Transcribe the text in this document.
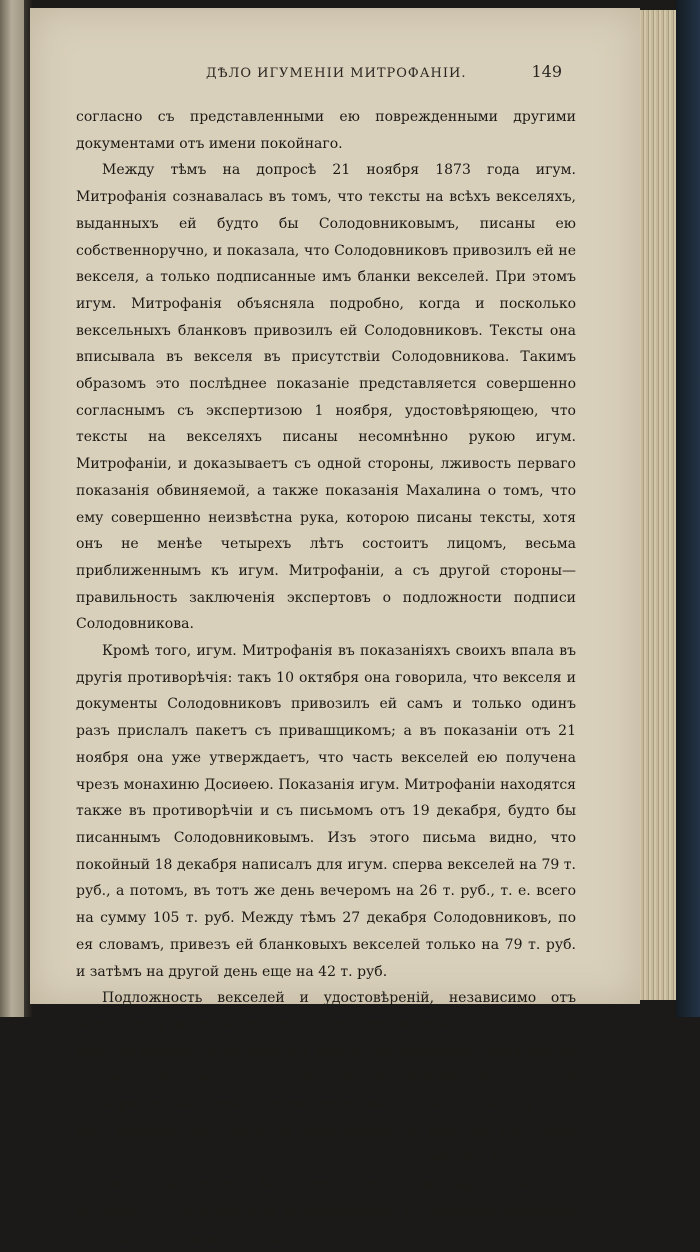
ДѢЛО ИГУМЕНІИ МИТРОФАНІИ.	149

согласно съ представленными ею поврежденными другими документами отъ имени покойнаго.

Между тѣмъ на допросѣ 21 ноября 1873 года игум. Митрофанія сознавалась въ томъ, что тексты на всѣхъ векселяхъ, выданныхъ ей будто бы Солодовниковымъ, писаны ею собственноручно, и показала, что Солодовниковъ привозилъ ей не векселя, а только подписанные имъ бланки векселей. При этомъ игум. Митрофанія объясняла подробно, когда и посколько вексельныхъ бланковъ привозилъ ей Солодовниковъ. Тексты она вписывала въ векселя въ присутствіи Солодовникова. Такимъ образомъ это послѣднее показаніе представляется совершенно согласнымъ съ экспертизою 1 ноября, удостовѣряющею, что тексты на векселяхъ писаны несомнѣнно рукою игум. Митрофаніи, и доказываетъ съ одной стороны, лживость перваго показанія обвиняемой, а также показанія Махалина о томъ, что ему совершенно неизвѣстна рука, которою писаны тексты, хотя онъ не менѣе четырехъ лѣтъ состоитъ лицомъ, весьма приближеннымъ къ игум. Митрофаніи, а съ другой стороны—правильность заключенія экспертовъ о подложности подписи Солодовникова.

Кромѣ того, игум. Митрофанія въ показаніяхъ своихъ впала въ другія противорѣчія: такъ 10 октября она говорила, что векселя и документы Солодовниковъ привозилъ ей самъ и только одинъ разъ прислалъ пакетъ съ привашцикомъ; а въ показаніи отъ 21 ноября она уже утверждаетъ, что часть векселей ею получена чрезъ монахиню Досиѳею. Показанія игум. Митрофаніи находятся также въ противорѣчіи и съ письмомъ отъ 19 декабря, будто бы писаннымъ Солодовниковымъ. Изъ этого письма видно, что покойный 18 декабря написалъ для игум. сперва векселей на 79 т. руб., а потомъ, въ тотъ же день вечеромъ на 26 т. руб., т. е. всего на сумму 105 т. руб. Между тѣмъ 27 декабря Солодовниковъ, по ея словамъ, привезъ ей бланковыхъ векселей только на 79 т. руб. и затѣмъ на другой день еще на 42 т. руб.

Подложность векселей и удостовѣреній, независимо отъ экспертизы и пухлости въ количествѣ и суммѣ, на которую векселя выданы, доказывается еще и содержаніемъ означенныхъ документовъ. Такъ, въ удостовѣреніи на имя Махалина отъ 30 декабря сказано, что Солодовниковъ выдалъ Махалину на 30 т. руб. векселей въ уплату за полученныя съ него въ эту сумму деньги, которыя онъ, Солодовниковъ, употребилъ по своимъ дѣламъ. Между тѣмъ и Махалинъ, и игум. Митрофанія согласны въ томъ, что эти векселя пожертвованы, и Махалинъ никакихъ денегъ Солодовникову не платилъ.
